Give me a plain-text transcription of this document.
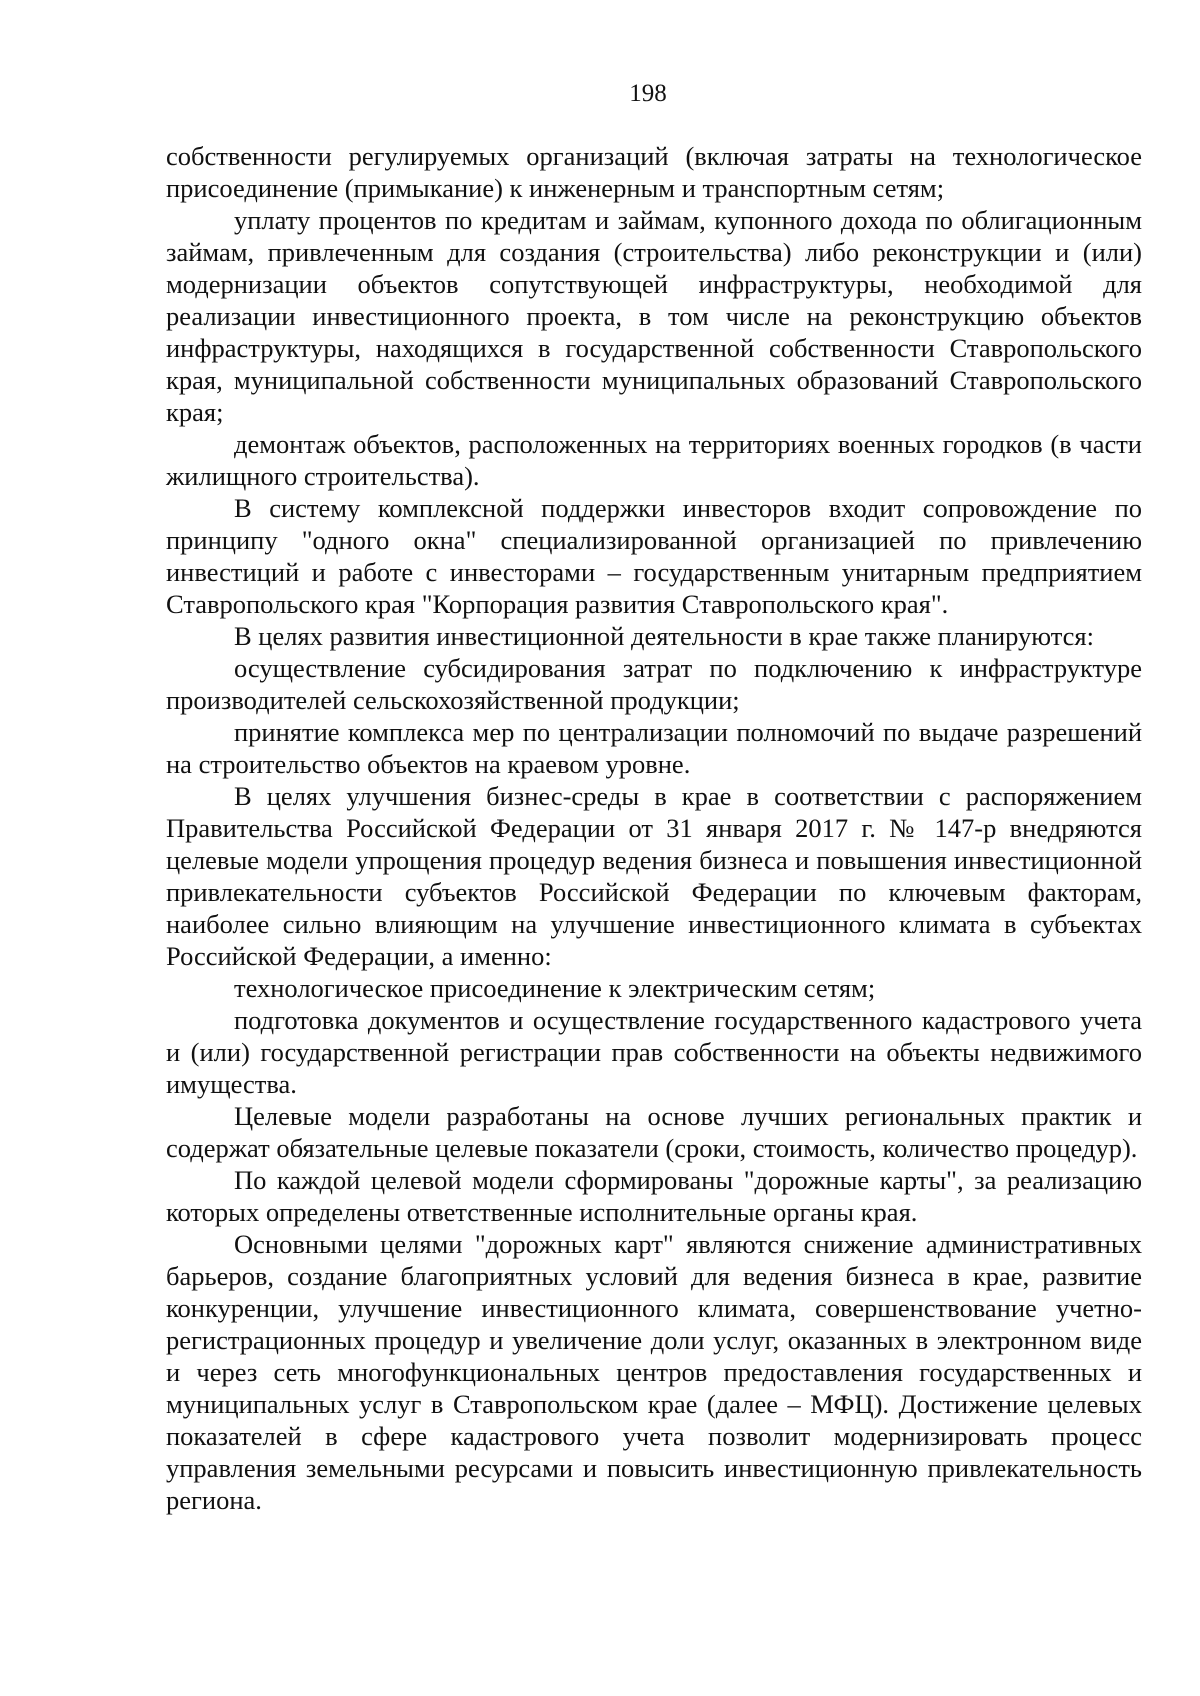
198

собственности регулируемых организаций (включая затраты на технологическое присоединение (примыкание) к инженерным и транспортным сетям;

уплату процентов по кредитам и займам, купонного дохода по облигационным займам, привлеченным для создания (строительства) либо реконструкции и (или) модернизации объектов сопутствующей инфраструктуры, необходимой для реализации инвестиционного проекта, в том числе на реконструкцию объектов инфраструктуры, находящихся в государственной собственности Ставропольского края, муниципальной собственности муниципальных образований Ставропольского края;

демонтаж объектов, расположенных на территориях военных городков (в части жилищного строительства).

В систему комплексной поддержки инвесторов входит сопровождение по принципу "одного окна" специализированной организацией по привлечению инвестиций и работе с инвесторами – государственным унитарным предприятием Ставропольского края "Корпорация развития Ставропольского края".

В целях развития инвестиционной деятельности в крае также планируются:

осуществление субсидирования затрат по подключению к инфраструктуре производителей сельскохозяйственной продукции;

принятие комплекса мер по централизации полномочий по выдаче разрешений на строительство объектов на краевом уровне.

В целях улучшения бизнес-среды в крае в соответствии с распоряжением Правительства Российской Федерации от 31 января 2017 г. № 147-р внедряются целевые модели упрощения процедур ведения бизнеса и повышения инвестиционной привлекательности субъектов Российской Федерации по ключевым факторам, наиболее сильно влияющим на улучшение инвестиционного климата в субъектах Российской Федерации, а именно:

технологическое присоединение к электрическим сетям;

подготовка документов и осуществление государственного кадастрового учета и (или) государственной регистрации прав собственности на объекты недвижимого имущества.

Целевые модели разработаны на основе лучших региональных практик и содержат обязательные целевые показатели (сроки, стоимость, количество процедур).

По каждой целевой модели сформированы "дорожные карты", за реализацию которых определены ответственные исполнительные органы края.

Основными целями "дорожных карт" являются снижение административных барьеров, создание благоприятных условий для ведения бизнеса в крае, развитие конкуренции, улучшение инвестиционного климата, совершенствование учетно-регистрационных процедур и увеличение доли услуг, оказанных в электронном виде и через сеть многофункциональных центров предоставления государственных и муниципальных услуг в Ставропольском крае (далее – МФЦ). Достижение целевых показателей в сфере кадастрового учета позволит модернизировать процесс управления земельными ресурсами и повысить инвестиционную привлекательность региона.
